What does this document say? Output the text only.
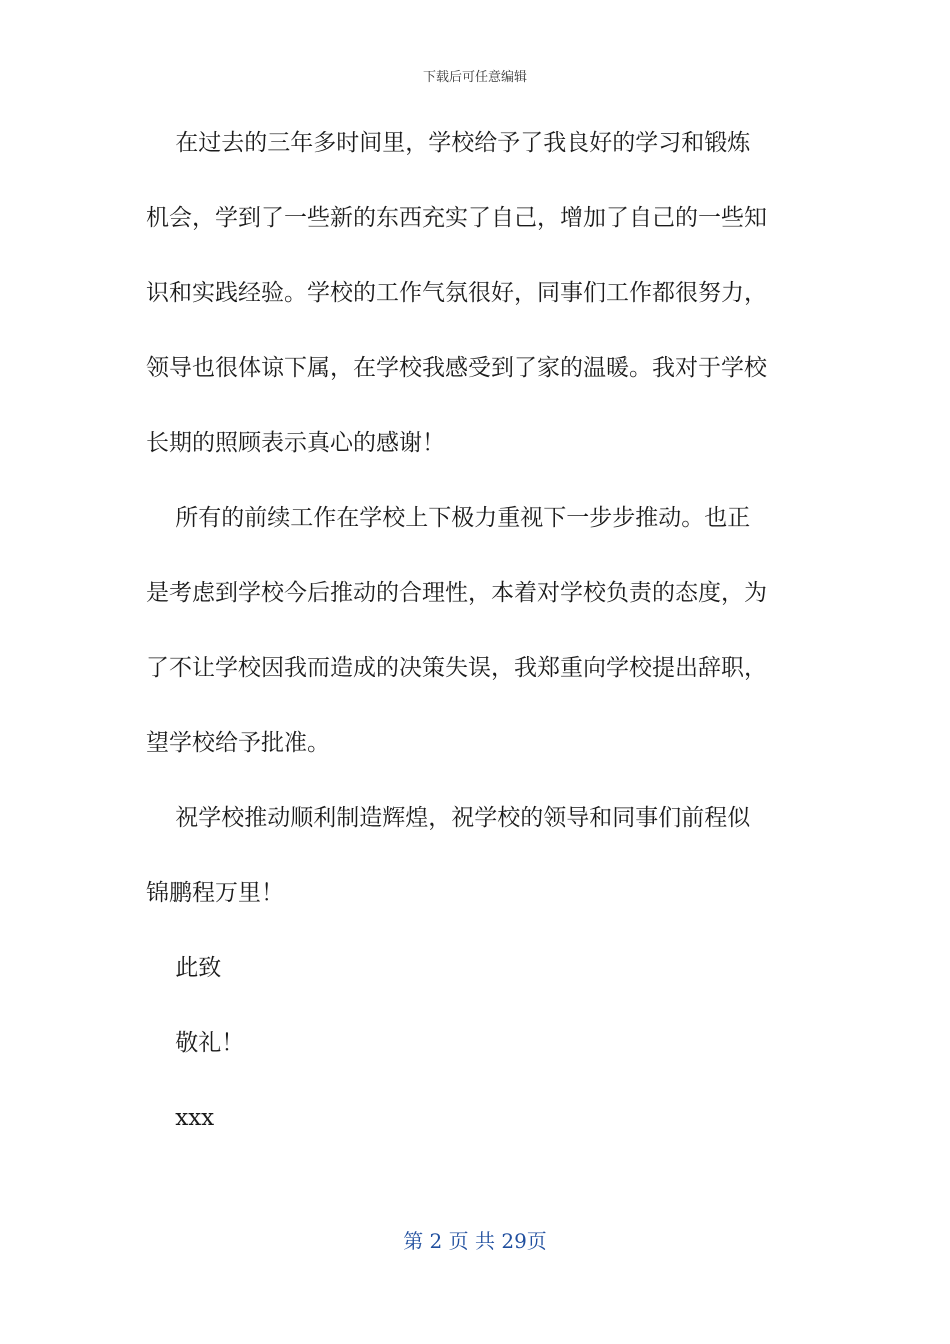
下载后可任意编辑
在过去的三年多时间里，学校给予了我良好的学习和锻炼
机会，学到了一些新的东西充实了自己，增加了自己的一些知
识和实践经验。学校的工作气氛很好，同事们工作都很努力，
领导也很体谅下属，在学校我感受到了家的温暖。我对于学校
长期的照顾表示真心的感谢！
所有的前续工作在学校上下极力重视下一步步推动。也正
是考虑到学校今后推动的合理性，本着对学校负责的态度，为
了不让学校因我而造成的决策失误，我郑重向学校提出辞职，
望学校给予批准。
祝学校推动顺利制造辉煌，祝学校的领导和同事们前程似
锦鹏程万里！
此致
敬礼！
xxx
第 2 页 共 29页
